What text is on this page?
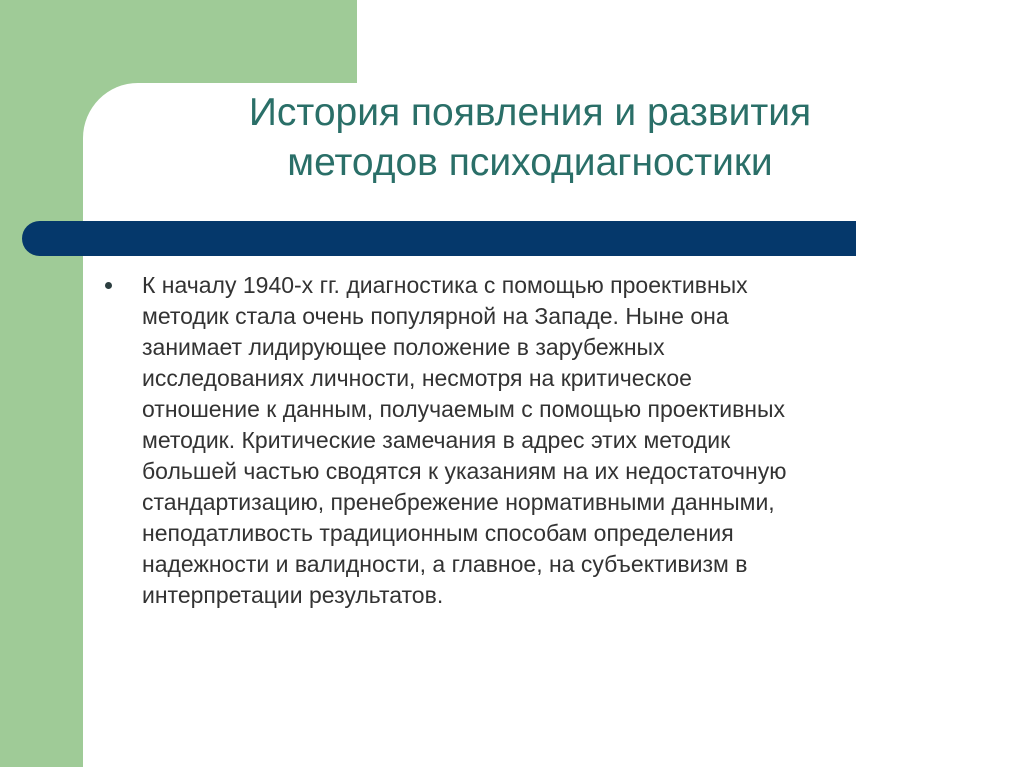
История появления и развития
методов психодиагностики
К началу 1940-х гг. диагностика с помощью проективных
методик стала очень популярной на Западе. Ныне она
занимает лидирующее положение в зарубежных
исследованиях личности, несмотря на критическое
отношение к данным, получаемым с помощью проективных
методик. Критические замечания в адрес этих методик
большей частью сводятся к указаниям на их недостаточную
стандартизацию, пренебрежение нормативными данными,
неподатливость традиционным способам определения
надежности и валидности, а главное, на субъективизм в
интерпретации результатов.
